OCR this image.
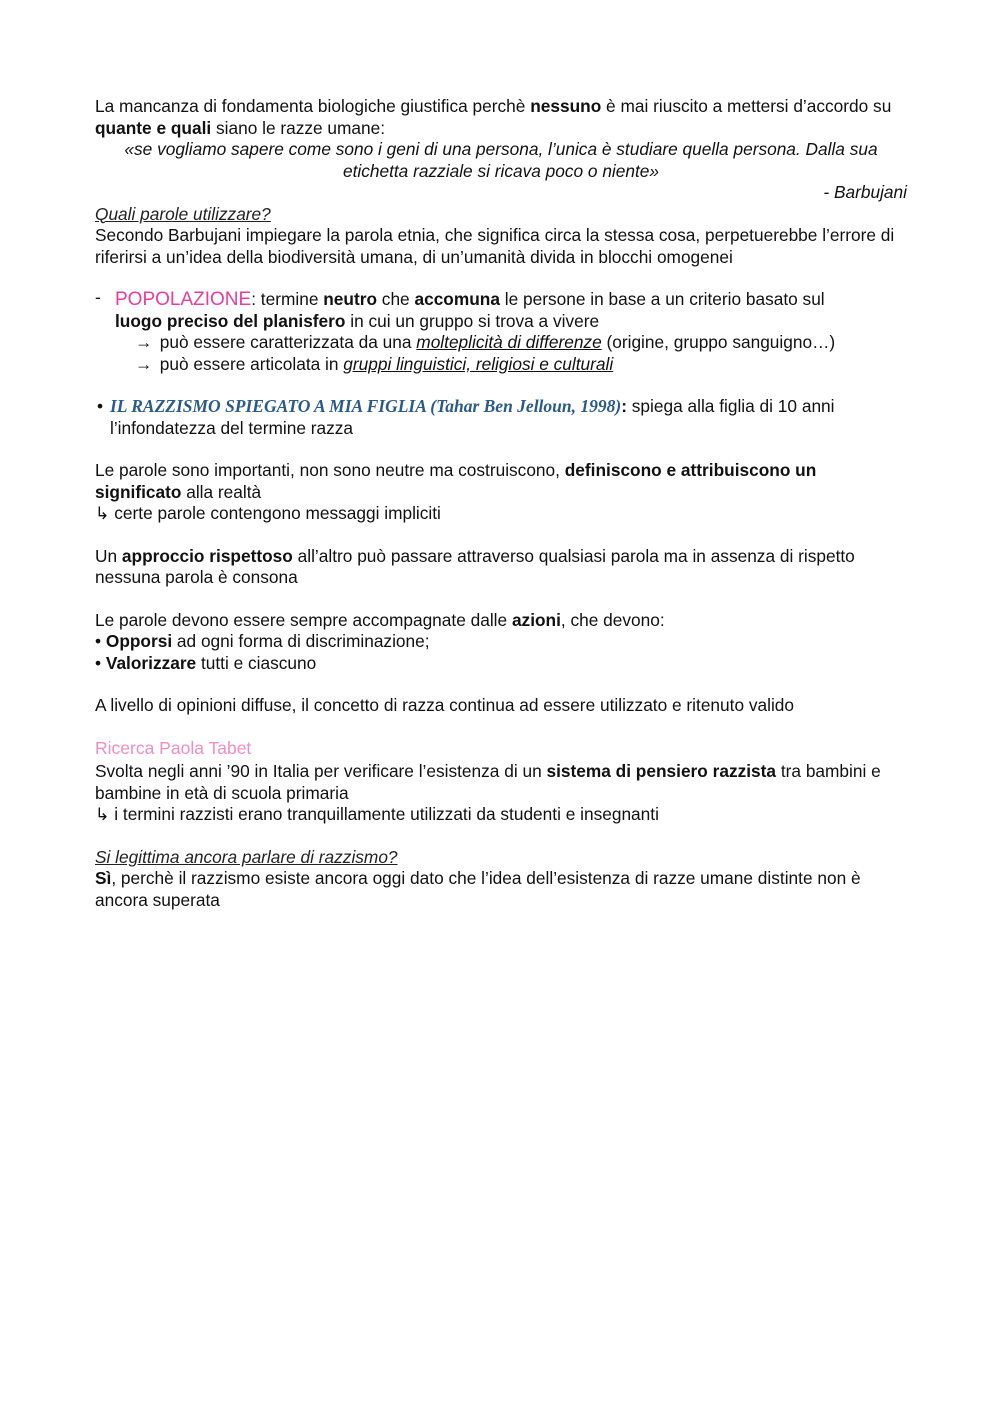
La mancanza di fondamenta biologiche giustifica perchè nessuno è mai riuscito a mettersi d’accordo su quante e quali siano le razze umane:

«se vogliamo sapere come sono i geni di una persona, l’unica è studiare quella persona. Dalla sua etichetta razziale si ricava poco o niente»

- Barbujani

Quali parole utilizzare?

Secondo Barbujani impiegare la parola etnia, che significa circa la stessa cosa, perpetuerebbe l’errore di riferirsi a un’idea della biodiversità umana, di un’umanità divida in blocchi omogenei

- POPOLAZIONE: termine neutro che accomuna le persone in base a un criterio basato sul
luogo preciso del planisfero in cui un gruppo si trova a vivere

→ può essere caratterizzata da una molteplicità di differenze (origine, gruppo sanguigno…)

→ può essere articolata in gruppi linguistici, religiosi e culturali

• IL RAZZISMO SPIEGATO A MIA FIGLIA (Tahar Ben Jelloun, 1998): spiega alla figlia di 10 anni l’infondatezza del termine razza

Le parole sono importanti, non sono neutre ma costruiscono, definiscono e attribuiscono un significato alla realtà

↳ certe parole contengono messaggi impliciti

Un approccio rispettoso all’altro può passare attraverso qualsiasi parola ma in assenza di rispetto nessuna parola è consona

Le parole devono essere sempre accompagnate dalle azioni, che devono:

• Opporsi ad ogni forma di discriminazione;

• Valorizzare tutti e ciascuno

A livello di opinioni diffuse, il concetto di razza continua ad essere utilizzato e ritenuto valido

Ricerca Paola Tabet

Svolta negli anni ’90 in Italia per verificare l’esistenza di un sistema di pensiero razzista tra bambini e bambine in età di scuola primaria

↳ i termini razzisti erano tranquillamente utilizzati da studenti e insegnanti

Si legittima ancora parlare di razzismo?

Sì, perchè il razzismo esiste ancora oggi dato che l’idea dell’esistenza di razze umane distinte non è ancora superata
